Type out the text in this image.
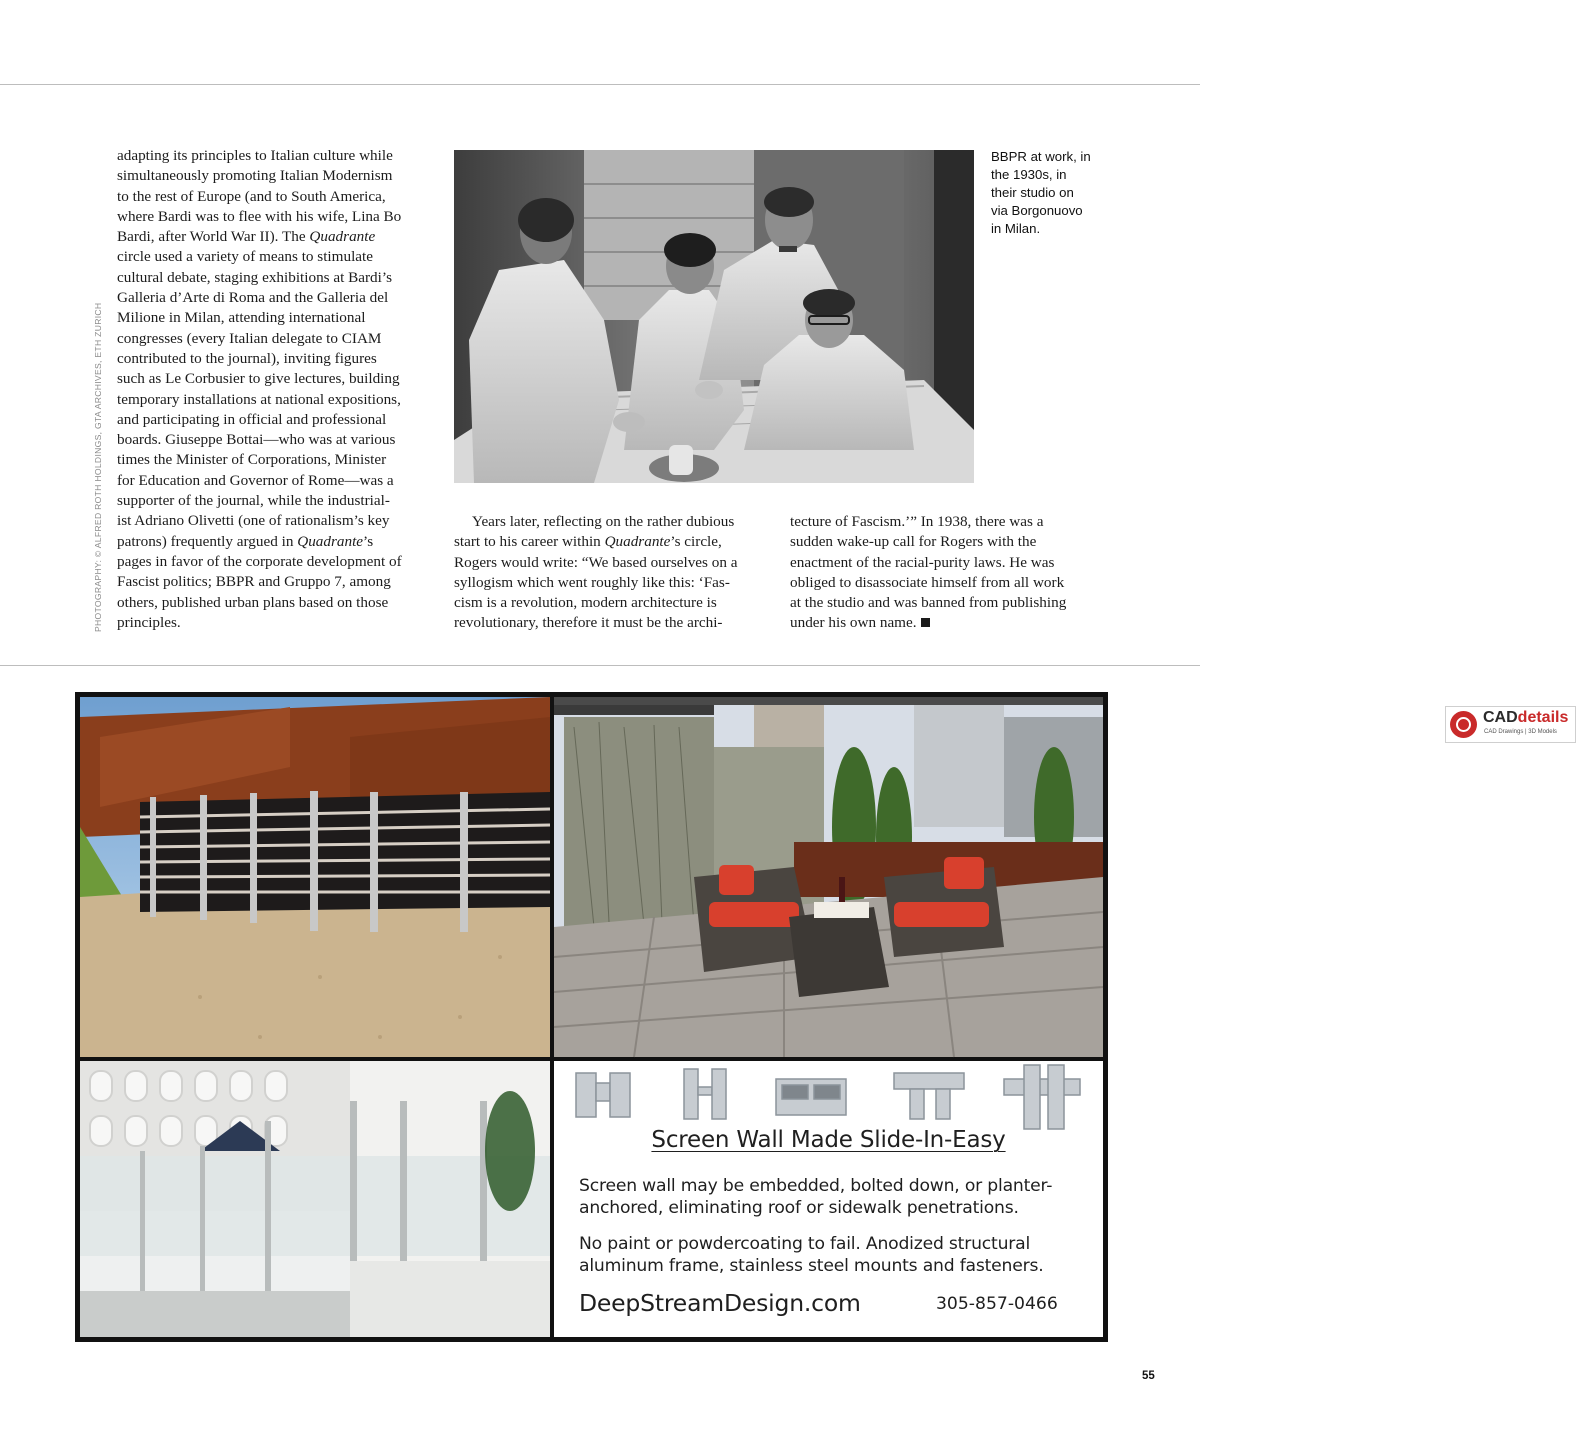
PHOTOGRAPHY: © ALFRED ROTH HOLDINGS, GTA ARCHIVES, ETH ZURICH

adapting its principles to Italian culture while

simultaneously promoting Italian Modernism

to the rest of Europe (and to South America,

where Bardi was to flee with his wife, Lina Bo

Bardi, after World War II). The Quadrante

circle used a variety of means to stimulate

cultural debate, staging exhibitions at Bardi’s

Galleria d’Arte di Roma and the Galleria del

Milione in Milan, attending international

congresses (every Italian delegate to CIAM

contributed to the journal), inviting figures

such as Le Corbusier to give lectures, building

temporary installations at national expositions,

and participating in official and professional

boards. Giuseppe Bottai—who was at various

times the Minister of Corporations, Minister

for Education and Governor of Rome—was a

supporter of the journal, while the industrial-

ist Adriano Olivetti (one of rationalism’s key

patrons) frequently argued in Quadrante’s

pages in favor of the corporate development of

Fascist politics; BBPR and Gruppo 7, among

others, published urban plans based on those

principles.

BBPR at work, in
the 1930s, in
their studio on
via Borgonuovo
in Milan.

Years later, reflecting on the rather dubious

start to his career within Quadrante’s circle,

Rogers would write: “We based ourselves on a

syllogism which went roughly like this: ‘Fas-

cism is a revolution, modern architecture is

revolutionary, therefore it must be the archi-

tecture of Fascism.’” In 1938, there was a

sudden wake-up call for Rogers with the

enactment of the racial-purity laws. He was

obliged to disassociate himself from all work

at the studio and was banned from publishing

under his own name.

CADdetails
CAD Drawings | 3D Models
Screen Wall Made Slide-In-Easy
Screen wall may be embedded, bolted down, or planter-
anchored, eliminating roof or sidewalk penetrations.
No paint or powdercoating to fail. Anodized structural
aluminum frame, stainless steel mounts and fasteners.
DeepStreamDesign.com	305-857-0466
55
